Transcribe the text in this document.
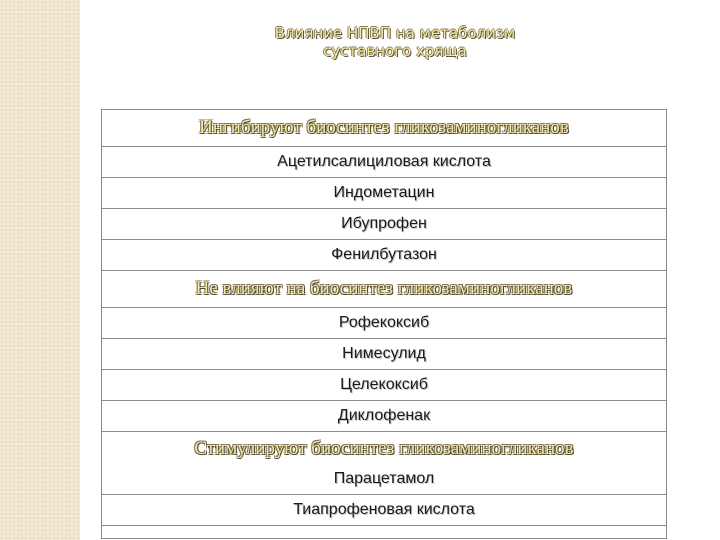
Влияние НПВП на метаболизм
суставного хряща
Ингибируют биосинтез гликозаминогликанов
Ацетилсалициловая кислота
Индометацин
Ибупрофен
Фенилбутазон
Не влияют на биосинтез гликозаминогликанов
Рофекоксиб
Нимесулид
Целекоксиб
Диклофенак

Стимулируют биосинтез гликозаминогликанов
Парацетамол

Тиапрофеновая кислота
